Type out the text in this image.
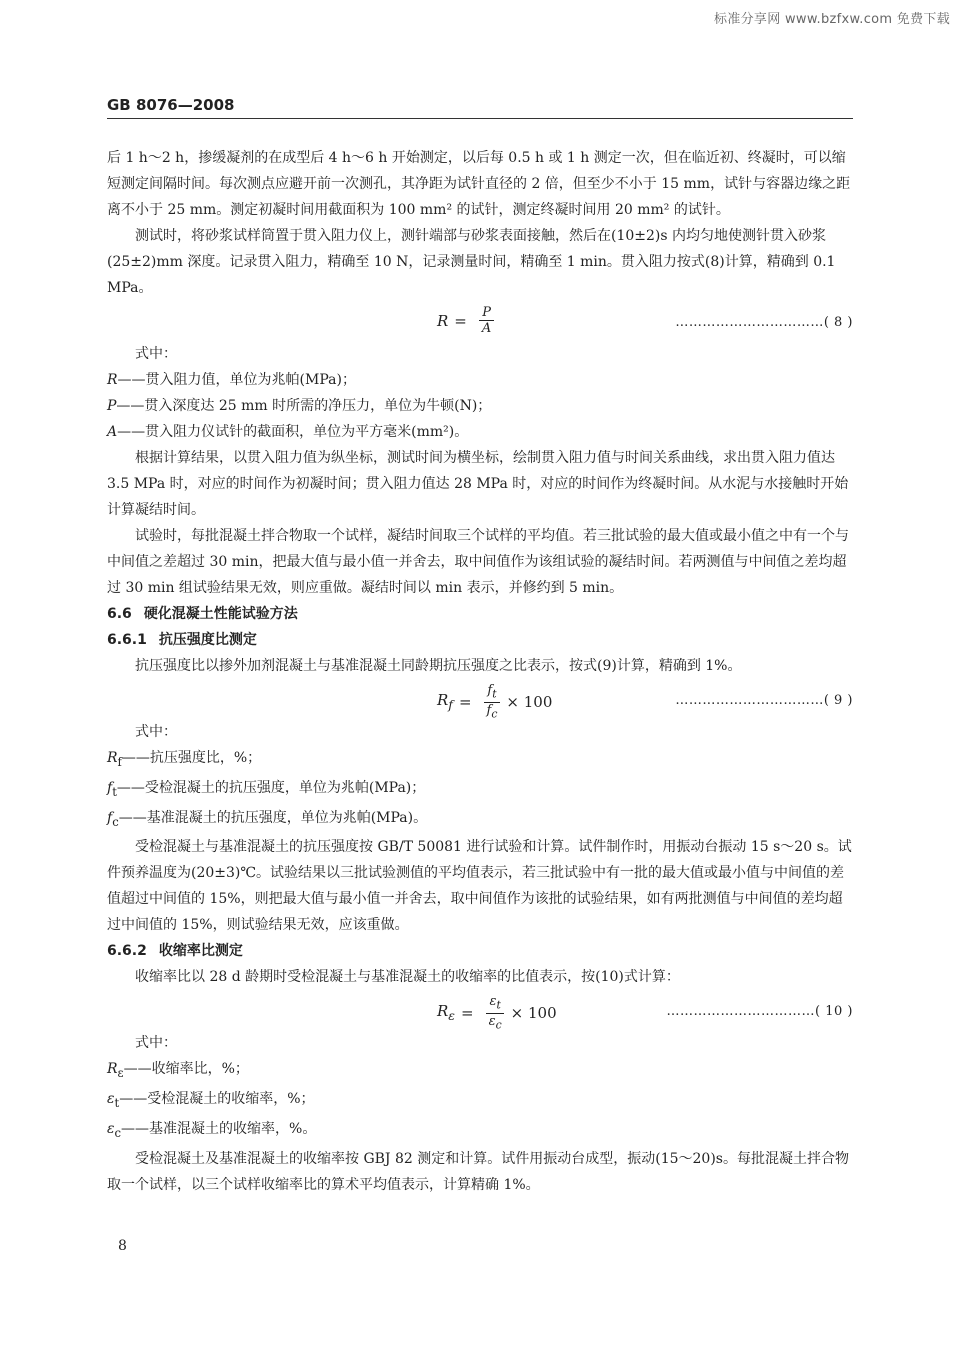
标准分享网 www.bzfxw.com 免费下载
GB 8076—2008

后 1 h～2 h，掺缓凝剂的在成型后 4 h～6 h 开始测定，以后每 0.5 h 或 1 h 测定一次，但在临近初、终凝时，可以缩短测定间隔时间。每次测点应避开前一次测孔，其净距为试针直径的 2 倍，但至少不小于 15 mm，试针与容器边缘之距离不小于 25 mm。测定初凝时间用截面积为 100 mm² 的试针，测定终凝时间用 20 mm² 的试针。

测试时，将砂浆试样筒置于贯入阻力仪上，测针端部与砂浆表面接触，然后在(10±2)s 内均匀地使测针贯入砂浆(25±2)mm 深度。记录贯入阻力，精确至 10 N，记录测量时间，精确至 1 min。贯入阻力按式(8)计算，精确到 0.1 MPa。

$R = \frac{P}{A}$	……………………………( 8 )

式中：

R——贯入阻力值，单位为兆帕(MPa)；
P——贯入深度达 25 mm 时所需的净压力，单位为牛顿(N)；
A——贯入阻力仪试针的截面积，单位为平方毫米(mm²)。

根据计算结果，以贯入阻力值为纵坐标，测试时间为横坐标，绘制贯入阻力值与时间关系曲线，求出贯入阻力值达 3.5 MPa 时，对应的时间作为初凝时间；贯入阻力值达 28 MPa 时，对应的时间作为终凝时间。从水泥与水接触时开始计算凝结时间。

试验时，每批混凝土拌合物取一个试样，凝结时间取三个试样的平均值。若三批试验的最大值或最小值之中有一个与中间值之差超过 30 min，把最大值与最小值一并舍去，取中间值作为该组试验的凝结时间。若两测值与中间值之差均超过 30 min 组试验结果无效，则应重做。凝结时间以 min 表示，并修约到 5 min。

6.6 硬化混凝土性能试验方法

6.6.1 抗压强度比测定

抗压强度比以掺外加剂混凝土与基准混凝土同龄期抗压强度之比表示，按式(9)计算，精确到 1%。

$R_f = \frac{f_t}{f_c} \times 100$	……………………………( 9 )

式中：

$R_f——$抗压强度比，%；
$f_t——$受检混凝土的抗压强度，单位为兆帕(MPa)；
$f_c——$基准混凝土的抗压强度，单位为兆帕(MPa)。

受检混凝土与基准混凝土的抗压强度按 GB/T 50081 进行试验和计算。试件制作时，用振动台振动 15 s～20 s。试件预养温度为(20±3)℃。试验结果以三批试验测值的平均值表示，若三批试验中有一批的最大值或最小值与中间值的差值超过中间值的 15%，则把最大值与最小值一并舍去，取中间值作为该批的试验结果，如有两批测值与中间值的差均超过中间值的 15%，则试验结果无效，应该重做。

6.6.2 收缩率比测定

收缩率比以 28 d 龄期时受检混凝土与基准混凝土的收缩率的比值表示，按(10)式计算：

$R_\varepsilon = \frac{\varepsilon_t}{\varepsilon_c} \times 100$	……………………………( 10 )

式中：

$R_\varepsilon——$收缩率比，%；
$\varepsilon_t——$受检混凝土的收缩率，%；
$\varepsilon_c——$基准混凝土的收缩率，%。

受检混凝土及基准混凝土的收缩率按 GBJ 82 测定和计算。试件用振动台成型，振动(15～20)s。每批混凝土拌合物取一个试样，以三个试样收缩率比的算术平均值表示，计算精确 1%。

8
